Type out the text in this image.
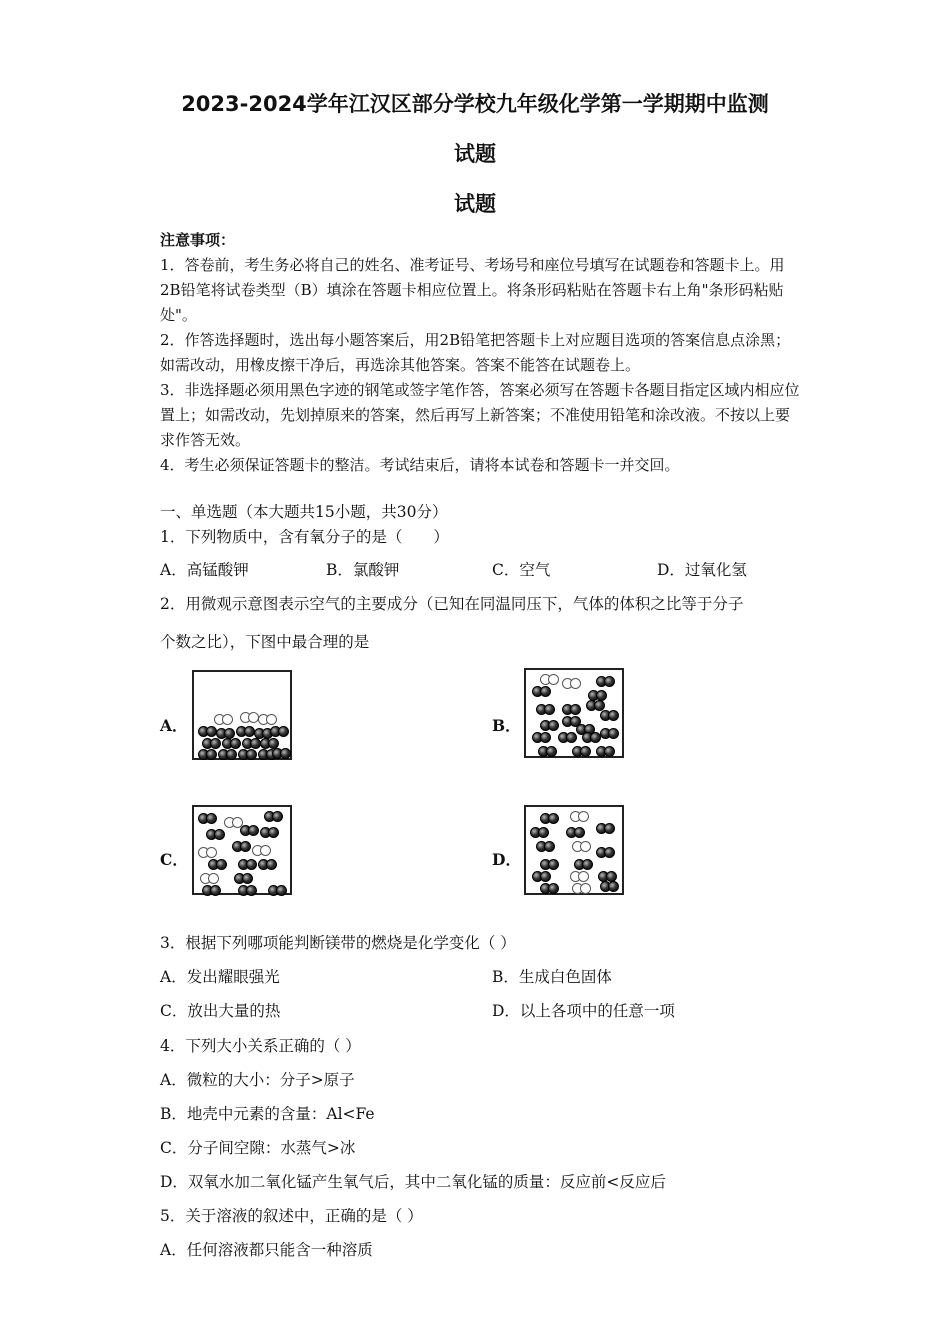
2023-2024学年江汉区部分学校九年级化学第一学期期中监测
试题
试题

注意事项：

1．答卷前，考生务必将自己的姓名、准考证号、考场号和座位号填写在试题卷和答题卡上。用2B铅笔将试卷类型（B）填涂在答题卡相应位置上。将条形码粘贴在答题卡右上角"条形码粘贴处"。

2．作答选择题时，选出每小题答案后，用2B铅笔把答题卡上对应题目选项的答案信息点涂黑；如需改动，用橡皮擦干净后，再选涂其他答案。答案不能答在试题卷上。

3．非选择题必须用黑色字迹的钢笔或签字笔作答，答案必须写在答题卡各题目指定区域内相应位置上；如需改动，先划掉原来的答案，然后再写上新答案；不准使用铅笔和涂改液。不按以上要求作答无效。

4．考生必须保证答题卡的整洁。考试结束后，请将本试卷和答题卡一并交回。

一、单选题（本大题共15小题，共30分）
1．下列物质中，含有氧分子的是（　　）
A．高锰酸钾	B．氯酸钾	C．空气	D．过氧化氢
2．用微观示意图表示空气的主要成分（已知在同温同压下，气体的体积之比等于分子
个数之比），下图中最合理的是
A．	B．
C．	D．
3．根据下列哪项能判断镁带的燃烧是化学变化（ ）
A．发出耀眼强光	B．生成白色固体
C．放出大量的热	D．以上各项中的任意一项
4．下列大小关系正确的（ ）
A．微粒的大小：分子>原子
B．地壳中元素的含量：Al<Fe
C．分子间空隙：水蒸气>冰
D．双氧水加二氧化锰产生氧气后，其中二氧化锰的质量：反应前<反应后
5．关于溶液的叙述中，正确的是（ ）
A．任何溶液都只能含一种溶质
